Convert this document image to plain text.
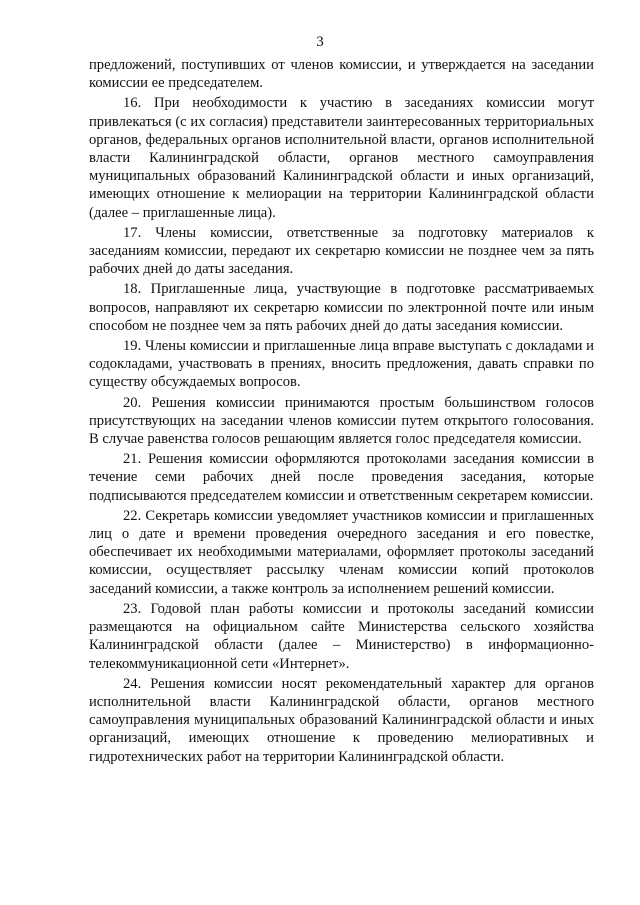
3

предложений, поступивших от членов комиссии, и утверждается на заседании комиссии ее председателем.

16. При необходимости к участию в заседаниях комиссии могут привлекаться (с их согласия) представители заинтересованных территориальных органов, федеральных органов исполнительной власти, органов исполнительной власти Калининградской области, органов местного самоуправления муниципальных образований Калининградской области и иных организаций, имеющих отношение к мелиорации на территории Калининградской области (далее – приглашенные лица).

17. Члены комиссии, ответственные за подготовку материалов к заседаниям комиссии, передают их секретарю комиссии не позднее чем за пять рабочих дней до даты заседания.

18. Приглашенные лица, участвующие в подготовке рассматриваемых вопросов, направляют их секретарю комиссии по электронной почте или иным способом не позднее чем за пять рабочих дней до даты заседания комиссии.

19. Члены комиссии и приглашенные лица вправе выступать с докладами и содокладами, участвовать в прениях, вносить предложения, давать справки по существу обсуждаемых вопросов.

20. Решения комиссии принимаются простым большинством голосов присутствующих на заседании членов комиссии путем открытого голосования. В случае равенства голосов решающим является голос председателя комиссии.

21. Решения комиссии оформляются протоколами заседания комиссии в течение семи рабочих дней после проведения заседания, которые подписываются председателем комиссии и ответственным секретарем комиссии.

22. Секретарь комиссии уведомляет участников комиссии и приглашенных лиц о дате и времени проведения очередного заседания и его повестке, обеспечивает их необходимыми материалами, оформляет протоколы заседаний комиссии, осуществляет рассылку членам комиссии копий протоколов заседаний комиссии, а также контроль за исполнением решений комиссии.

23. Годовой план работы комиссии и протоколы заседаний комиссии размещаются на официальном сайте Министерства сельского хозяйства Калининградской области (далее – Министерство) в информационно-телекоммуникационной сети «Интернет».

24. Решения комиссии носят рекомендательный характер для органов исполнительной власти Калининградской области, органов местного самоуправления муниципальных образований Калининградской области и иных организаций, имеющих отношение к проведению мелиоративных и гидротехнических работ на территории Калининградской области.
